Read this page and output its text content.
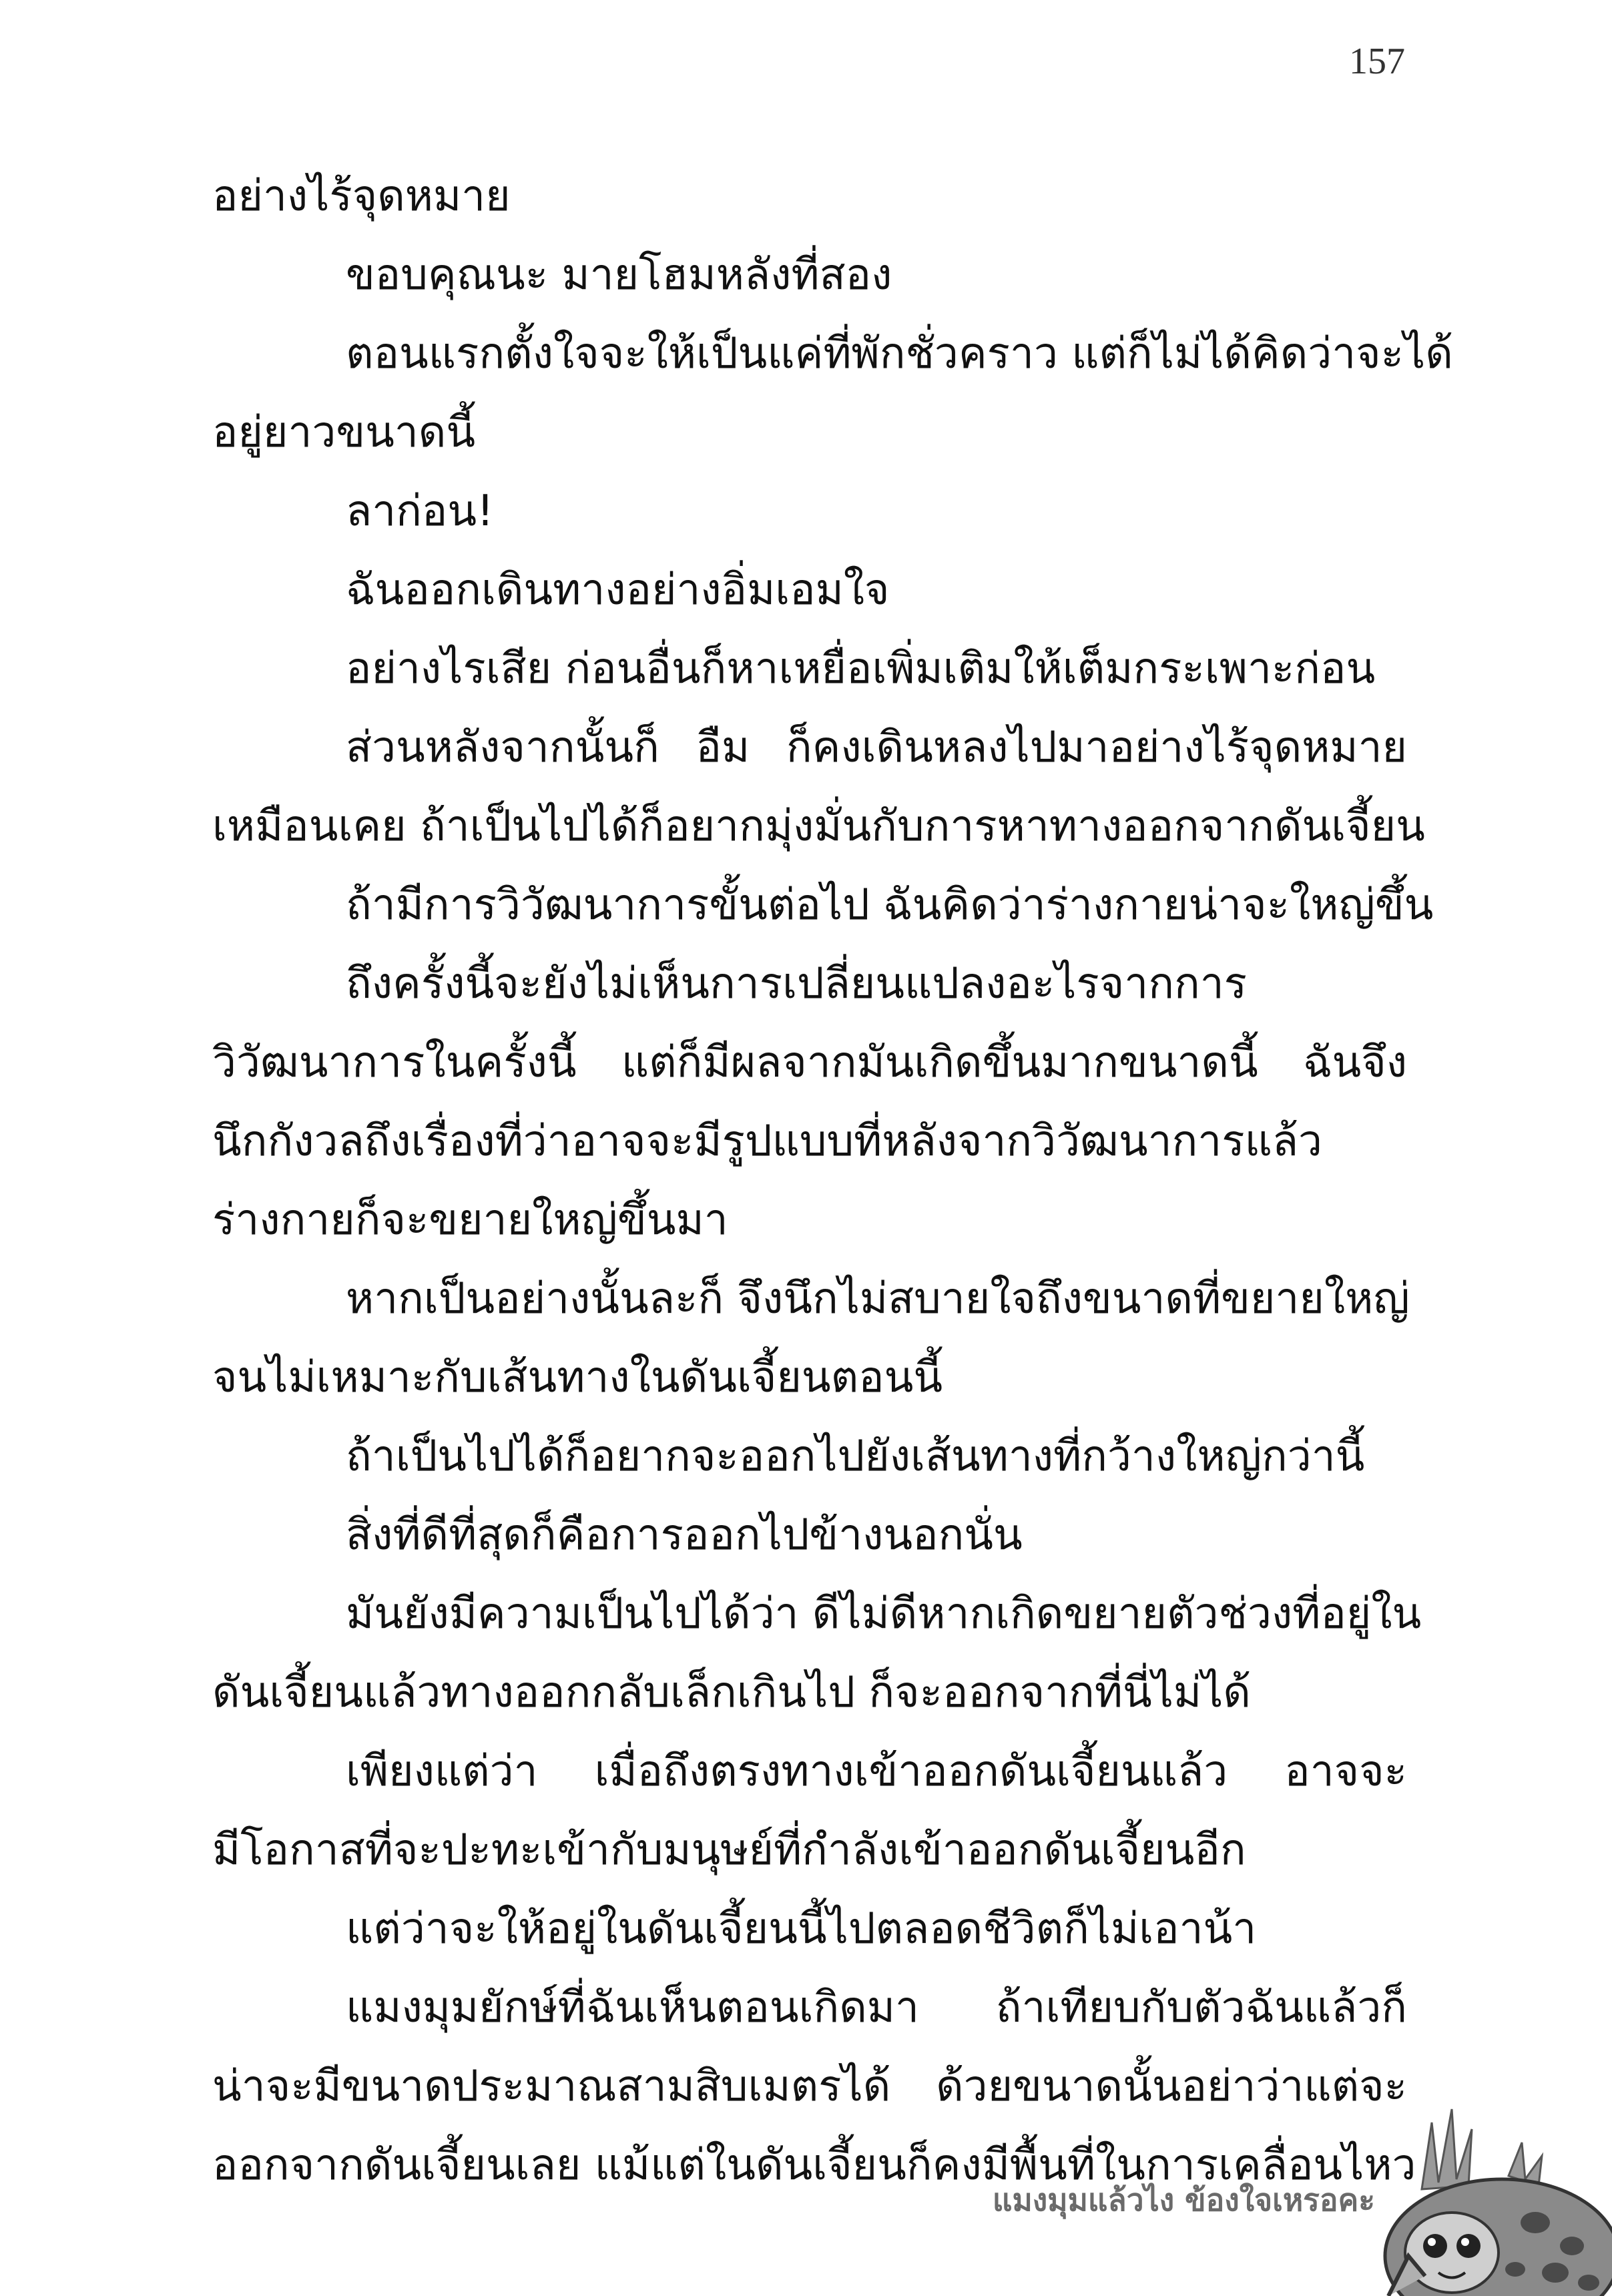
157
อย่างไร้จุดหมาย
ขอบคุณนะ มายโฮมหลังที่สอง
ตอนแรกตั้งใจจะให้เป็นแค่ที่พักชั่วคราว แต่ก็ไม่ได้คิดว่าจะได้
อยู่ยาวขนาดนี้
ลาก่อน!
ฉันออกเดินทางอย่างอิ่มเอมใจ
อย่างไรเสีย ก่อนอื่นก็หาเหยื่อเพิ่มเติมให้เต็มกระเพาะก่อน
ส่วนหลังจากนั้นก็ อืม ก็คงเดินหลงไปมาอย่างไร้จุดหมาย
เหมือนเคย ถ้าเป็นไปได้ก็อยากมุ่งมั่นกับการหาทางออกจากดันเจี้ยน
ถ้ามีการวิวัฒนาการขั้นต่อไป ฉันคิดว่าร่างกายน่าจะใหญ่ขึ้น
ถึงครั้งนี้จะยังไม่เห็นการเปลี่ยนแปลงอะไรจากการ
วิวัฒนาการในครั้งนี้ แต่ก็มีผลจากมันเกิดขึ้นมากขนาดนี้ ฉันจึง
นึกกังวลถึงเรื่องที่ว่าอาจจะมีรูปแบบที่หลังจากวิวัฒนาการแล้ว
ร่างกายก็จะขยายใหญ่ขึ้นมา
หากเป็นอย่างนั้นละก็ จึงนึกไม่สบายใจถึงขนาดที่ขยายใหญ่
จนไม่เหมาะกับเส้นทางในดันเจี้ยนตอนนี้
ถ้าเป็นไปได้ก็อยากจะออกไปยังเส้นทางที่กว้างใหญ่กว่านี้
สิ่งที่ดีที่สุดก็คือการออกไปข้างนอกนั่น
มันยังมีความเป็นไปได้ว่า ดีไม่ดีหากเกิดขยายตัวช่วงที่อยู่ใน
ดันเจี้ยนแล้วทางออกกลับเล็กเกินไป ก็จะออกจากที่นี่ไม่ได้
เพียงแต่ว่า เมื่อถึงตรงทางเข้าออกดันเจี้ยนแล้ว อาจจะ
มีโอกาสที่จะปะทะเข้ากับมนุษย์ที่กำลังเข้าออกดันเจี้ยนอีก
แต่ว่าจะให้อยู่ในดันเจี้ยนนี้ไปตลอดชีวิตก็ไม่เอาน้า
แมงมุมยักษ์ที่ฉันเห็นตอนเกิดมา ถ้าเทียบกับตัวฉันแล้วก็
น่าจะมีขนาดประมาณสามสิบเมตรได้ ด้วยขนาดนั้นอย่าว่าแต่จะ
ออกจากดันเจี้ยนเลย แม้แต่ในดันเจี้ยนก็คงมีพื้นที่ในการเคลื่อนไหว
แมงมุมแล้วไง ข้องใจเหรอคะ
